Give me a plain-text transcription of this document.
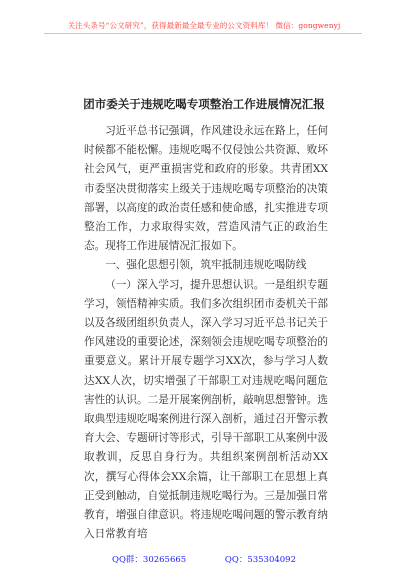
关注头条号“公文研究”，获得最新最全最专业的公文资料库！ 微信：gongwenyj
团市委关于违规吃喝专项整治工作进展情况汇报

习近平总书记强调，作风建设永远在路上，任何时候都不能松懈。违规吃喝不仅侵蚀公共资源、败坏社会风气，更严重损害党和政府的形象。共青团XX市委坚决贯彻落实上级关于违规吃喝专项整治的决策部署，以高度的政治责任感和使命感，扎实推进专项整治工作，力求取得实效，营造风清气正的政治生态。现将工作进展情况汇报如下。

一、强化思想引领，筑牢抵制违规吃喝防线

（一）深入学习，提升思想认识。一是组织专题学习，领悟精神实质。我们多次组织团市委机关干部以及各级团组织负责人，深入学习习近平总书记关于作风建设的重要论述，深刻领会违规吃喝专项整治的重要意义。累计开展专题学习XX次，参与学习人数达XX人次，切实增强了干部职工对违规吃喝问题危害性的认识。二是开展案例剖析，敲响思想警钟。选取典型违规吃喝案例进行深入剖析，通过召开警示教育大会、专题研讨等形式，引导干部职工从案例中汲取教训，反思自身行为。共组织案例剖析活动XX次，撰写心得体会XX余篇，让干部职工在思想上真正受到触动，自觉抵制违规吃喝行为。三是加强日常教育，增强自律意识。将违规吃喝问题的警示教育纳入日常教育培

QQ群：30265665	QQ：535304092
